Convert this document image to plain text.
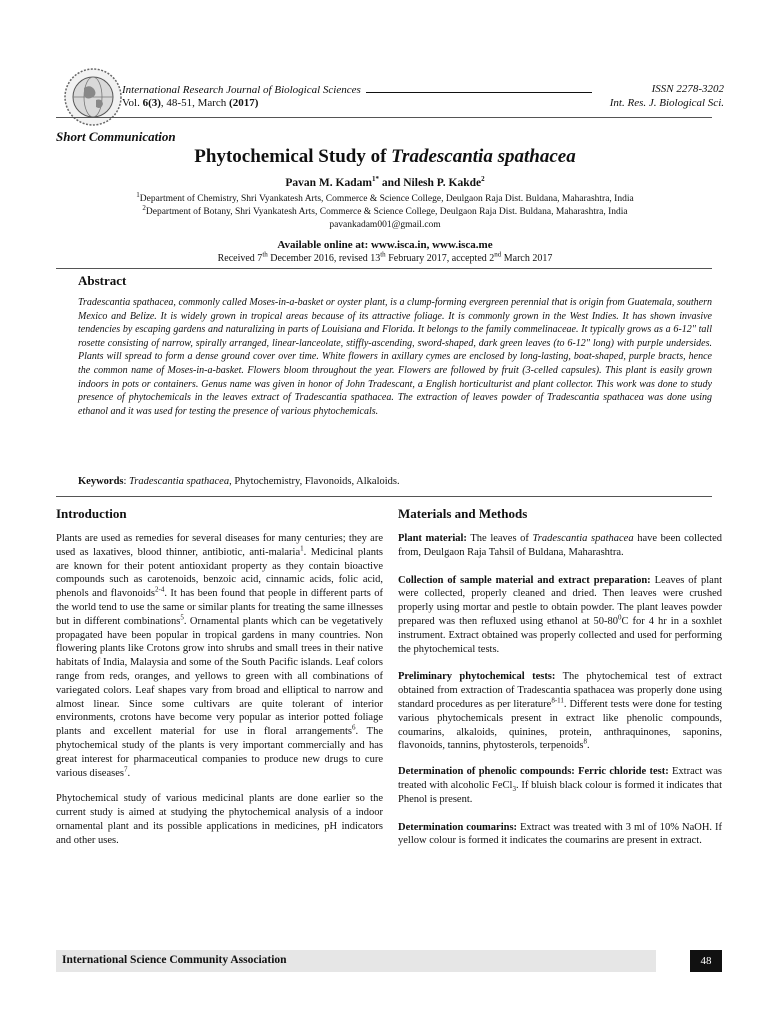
International Research Journal of Biological Sciences	ISSN 2278-3202
Vol. 6(3), 48-51, March (2017)	Int. Res. J. Biological Sci.
Short Communication
Phytochemical Study of Tradescantia spathacea
Pavan M. Kadam$^{1*}$ and Nilesh P. Kakde$^2$
$^1$Department of Chemistry, Shri Vyankatesh Arts, Commerce & Science College, Deulgaon Raja Dist. Buldana, Maharashtra, India
$^2$Department of Botany, Shri Vyankatesh Arts, Commerce & Science College, Deulgaon Raja Dist. Buldana, Maharashtra, India
pavankadam001@gmail.com
Available online at: www.isca.in, www.isca.me
Received 7th December 2016, revised 13th February 2017, accepted 2nd March 2017
Abstract
Tradescantia spathacea, commonly called Moses-in-a-basket or oyster plant, is a clump-forming evergreen perennial that is origin from Guatemala, southern Mexico and Belize. It is widely grown in tropical areas because of its attractive foliage. It is commonly grown in the West Indies. It has shown invasive tendencies by escaping gardens and naturalizing in parts of Louisiana and Florida. It belongs to the family commelinaceae. It typically grows as a 6-12" tall rosette consisting of narrow, spirally arranged, linear-lanceolate, stiffly-ascending, sword-shaped, dark green leaves (to 6-12" long) with purple undersides. Plants will spread to form a dense ground cover over time. White flowers in axillary cymes are enclosed by long-lasting, boat-shaped, purple bracts, hence the common name of Moses-in-a-basket. Flowers bloom throughout the year. Flowers are followed by fruit (3-celled capsules). This plant is easily grown indoors in pots or containers. Genus name was given in honor of John Tradescant, a English horticulturist and plant collector. This work was done to study presence of phytochemicals in the leaves extract of Tradescantia spathacea. The extraction of leaves powder of Tradescantia spathacea was done using ethanol and it was used for testing the presence of various phytochemicals.
Keywords: Tradescantia spathacea, Phytochemistry, Flavonoids, Alkaloids.
Introduction

Plants are used as remedies for several diseases for many centuries; they are used as laxatives, blood thinner, antibiotic, anti-malaria$^1$. Medicinal plants are known for their potent antioxidant property as they contain bioactive compounds such as carotenoids, benzoic acid, cinnamic acids, folic acid, phenols and flavonoids$^{2-4}$. It has been found that people in different parts of the world tend to use the same or similar plants for treating the same illnesses but in different combinations$^5$. Ornamental plants which can be vegetatively propagated have been popular in tropical gardens in many countries. Non flowering plants like Crotons grow into shrubs and small trees in their native habitats of India, Malaysia and some of the South Pacific islands. Leaf colors range from reds, oranges, and yellows to green with all combinations of variegated colors. Leaf shapes vary from broad and elliptical to narrow and almost linear. Since some cultivars are quite tolerant of interior environments, crotons have become very popular as interior potted foliage plants and excellent material for use in floral arrangements$^6$. The phytochemical study of the plants is very important commercially and has great interest for pharmaceutical companies to produce new drugs to cure various diseases$^7$.

Phytochemical study of various medicinal plants are done earlier so the current study is aimed at studying the phytochemical analysis of a indoor ornamental plant and its possible applications in medicines, pH indicators and other uses.

Materials and Methods

Plant material: The leaves of Tradescantia spathacea have been collected from, Deulgaon Raja Tahsil of Buldana, Maharashtra.

Collection of sample material and extract preparation: Leaves of plant were collected, properly cleaned and dried. Then leaves were crushed properly using mortar and pestle to obtain powder. The plant leaves powder prepared was then refluxed using ethanol at $50-80^0C$ for 4 hr in a soxhlet instrument. Extract obtained was properly collected and used for performing the phytochemical tests.

Preliminary phytochemical tests: The phytochemical test of extract obtained from extraction of Tradescantia spathacea was properly done using standard procedures as per literature$^{8-11}$. Different tests were done for testing various phytochemicals present in extract like phenolic compounds, coumarins, alkaloids, quinines, protein, anthraquinones, saponins, flavonoids, tannins, phytosterols, terpenoids$^8$.

Determination of phenolic compounds: Ferric chloride test: Extract was treated with alcoholic FeCl$_3$. If bluish black colour is formed it indicates that Phenol is present.

Determination coumarins: Extract was treated with 3 ml of 10% NaOH. If yellow colour is formed it indicates the coumarins are present in extract.

International Science Community Association	48
